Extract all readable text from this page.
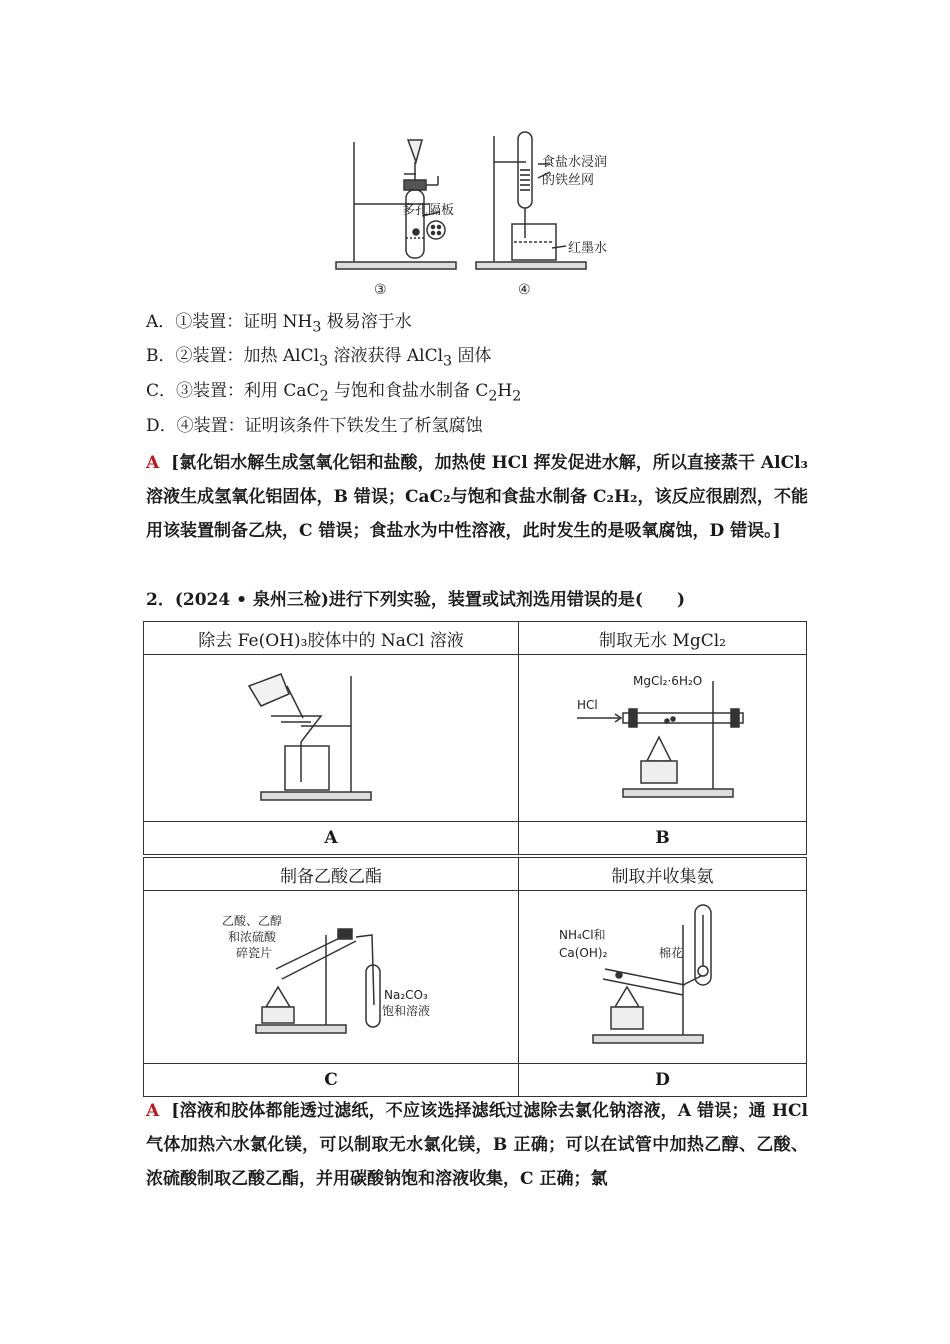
多孔隔板
食盐水浸润
的铁丝网
红墨水
③	④
A．①装置：证明 $NH_3$ 极易溶于水
B．②装置：加热 AlCl$_3$ 溶液获得 AlCl$_3$ 固体
C．③装置：利用 CaC$_2$ 与饱和食盐水制备 $C_2H_2$
D．④装置：证明该条件下铁发生了析氢腐蚀
A [氯化铝水解生成氢氧化铝和盐酸，加热使 HCl 挥发促进水解，所以直接蒸干 AlCl₃溶液生成氢氧化铝固体，B 错误；CaC₂与饱和食盐水制备 C₂H₂，该反应很剧烈，不能用该装置制备乙炔，C 错误；食盐水为中性溶液，此时发生的是吸氧腐蚀，D 错误。]
2．(2024 • 泉州三检)进行下列实验，装置或试剂选用错误的是(　　)
除去 Fe(OH)₃胶体中的 NaCl 溶液	制取无水 MgCl₂

HCl
MgCl₂·6H₂O

A	B
制备乙酸乙酯	制取并收集氨

乙酸、乙醇
和浓硫酸
碎瓷片
Na₂CO₃
饱和溶液	NH₄Cl和
Ca(OH)₂ 棉花

C	D
A [溶液和胶体都能透过滤纸，不应该选择滤纸过滤除去氯化钠溶液，A 错误；通 HCl 气体加热六水氯化镁，可以制取无水氯化镁，B 正确；可以在试管中加热乙醇、乙酸、浓硫酸制取乙酸乙酯，并用碳酸钠饱和溶液收集，C 正确；氯
